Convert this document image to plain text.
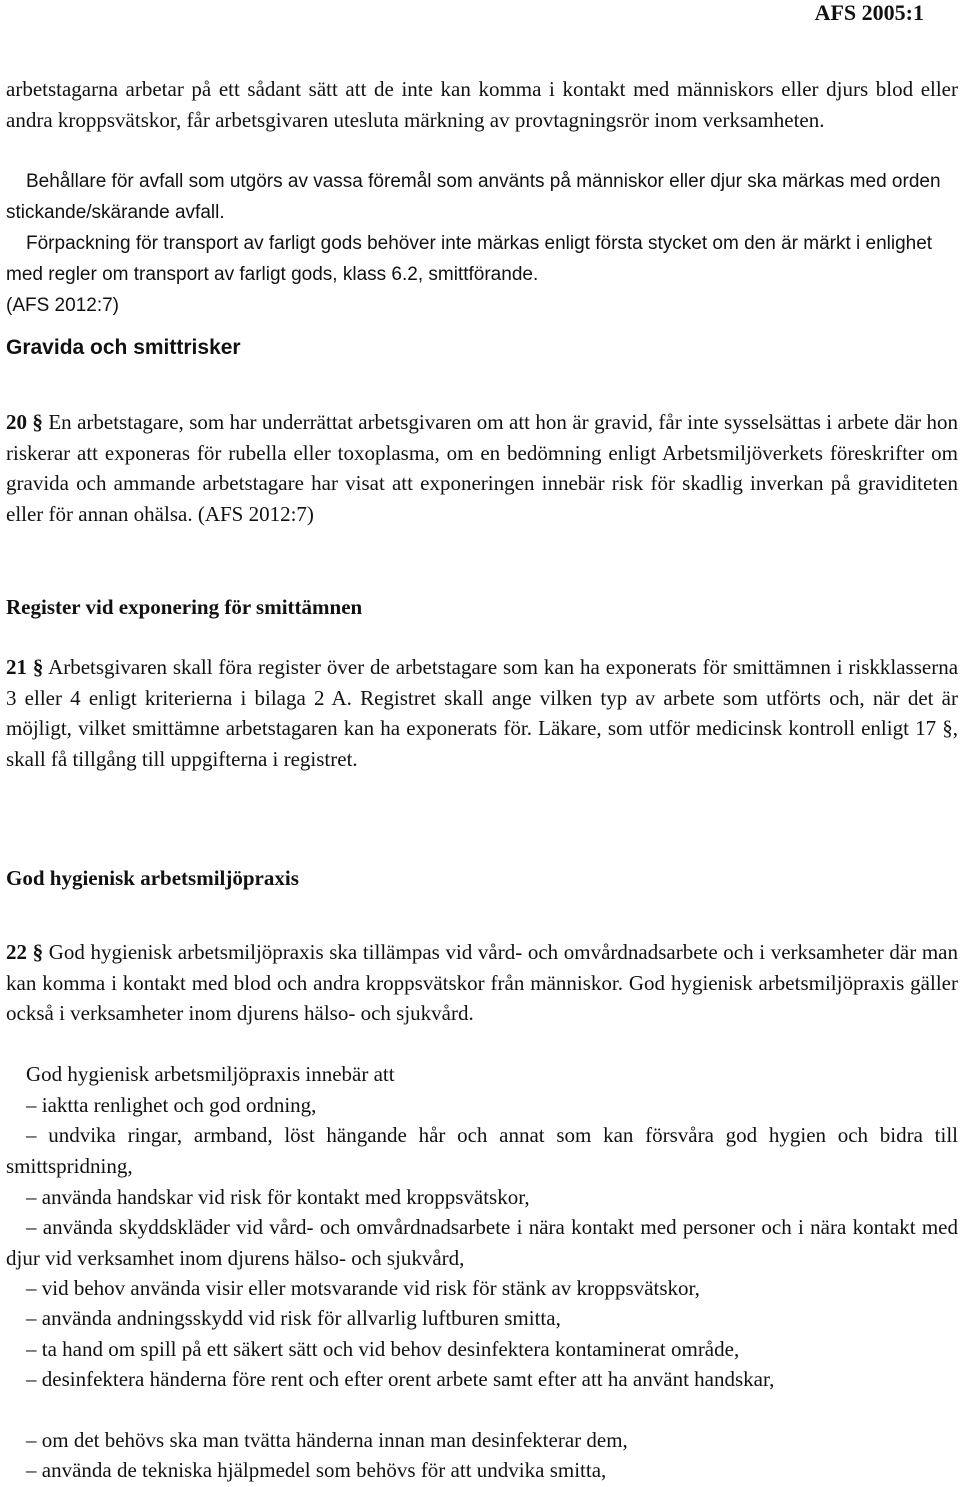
AFS 2005:1

arbetstagarna arbetar på ett sådant sätt att de inte kan komma i kontakt med människors eller djurs blod eller andra kroppsvätskor, får arbetsgivaren utesluta märkning av provtagningsrör inom verksamheten.

Behållare för avfall som utgörs av vassa föremål som använts på människor eller djur ska märkas med orden stickande/skärande avfall.

Förpackning för transport av farligt gods behöver inte märkas enligt första stycket om den är märkt i enlighet med regler om transport av farligt gods, klass 6.2, smittförande.

(AFS 2012:7)

Gravida och smittrisker

20 § En arbetstagare, som har underrättat arbetsgivaren om att hon är gravid, får inte sysselsättas i arbete där hon riskerar att exponeras för rubella eller toxoplasma, om en bedömning enligt Arbetsmiljöverkets föreskrifter om gravida och ammande arbetstagare har visat att exponeringen innebär risk för skadlig inverkan på graviditeten eller för annan ohälsa. (AFS 2012:7)

Register vid exponering för smittämnen

21 § Arbetsgivaren skall föra register över de arbetstagare som kan ha exponerats för smittämnen i riskklasserna 3 eller 4 enligt kriterierna i bilaga 2 A. Registret skall ange vilken typ av arbete som utförts och, när det är möjligt, vilket smittämne arbetstagaren kan ha exponerats för. Läkare, som utför medicinsk kontroll enligt 17 §, skall få tillgång till uppgifterna i registret.

God hygienisk arbetsmiljöpraxis

22 § God hygienisk arbetsmiljöpraxis ska tillämpas vid vård- och omvårdnadsarbete och i verksamheter där man kan komma i kontakt med blod och andra kroppsvätskor från människor. God hygienisk arbetsmiljöpraxis gäller också i verksamheter inom djurens hälso- och sjukvård.

God hygienisk arbetsmiljöpraxis innebär att

– iaktta renlighet och god ordning,

– undvika ringar, armband, löst hängande hår och annat som kan försvåra god hygien och bidra till smittspridning,

– använda handskar vid risk för kontakt med kroppsvätskor,

– använda skyddskläder vid vård- och omvårdnadsarbete i nära kontakt med personer och i nära kontakt med djur vid verksamhet inom djurens hälso- och sjukvård,

– vid behov använda visir eller motsvarande vid risk för stänk av kroppsvätskor,

– använda andningsskydd vid risk för allvarlig luftburen smitta,

– ta hand om spill på ett säkert sätt och vid behov desinfektera kontaminerat område,

– desinfektera händerna före rent och efter orent arbete samt efter att ha använt handskar,

– om det behövs ska man tvätta händerna innan man desinfekterar dem,

– använda de tekniska hjälpmedel som behövs för att undvika smitta,
